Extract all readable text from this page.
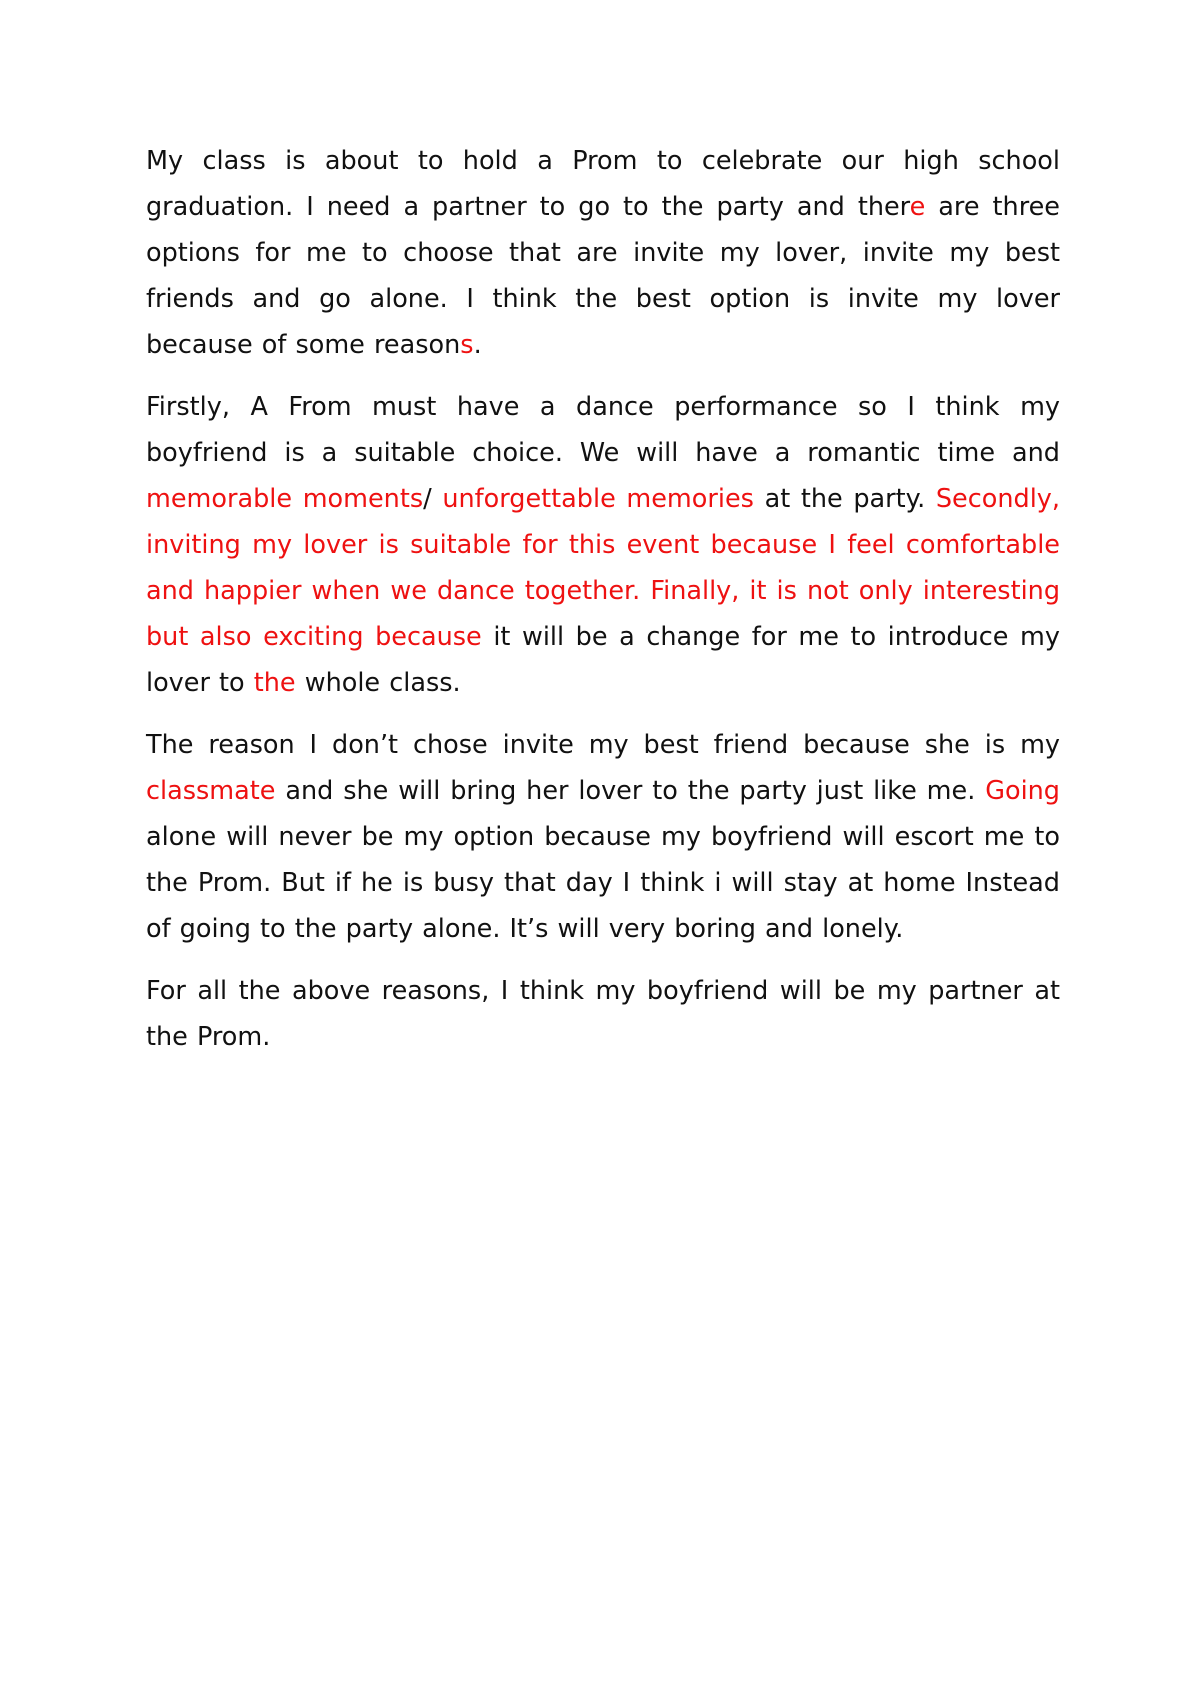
My class is about to hold a Prom to celebrate our high school graduation. I need a partner to go to the party and there are three options for me to choose that are invite my lover, invite my best friends and go alone. I think the best option is invite my lover because of some reasons.

Firstly, A From must have a dance performance so I think my boyfriend is a suitable choice. We will have a romantic time and memorable moments/ unforgettable memories at the party. Secondly, inviting my lover is suitable for this event because I feel comfortable and happier when we dance together. Finally, it is not only interesting but also exciting because it will be a change for me to introduce my lover to the whole class.

The reason I don’t chose invite my best friend because she is my classmate and she will bring her lover to the party just like me. Going alone will never be my option because my boyfriend will escort me to the Prom. But if he is busy that day I think i will stay at home Instead of going to the party alone. It’s will very boring and lonely.

For all the above reasons, I think my boyfriend will be my partner at the Prom.
